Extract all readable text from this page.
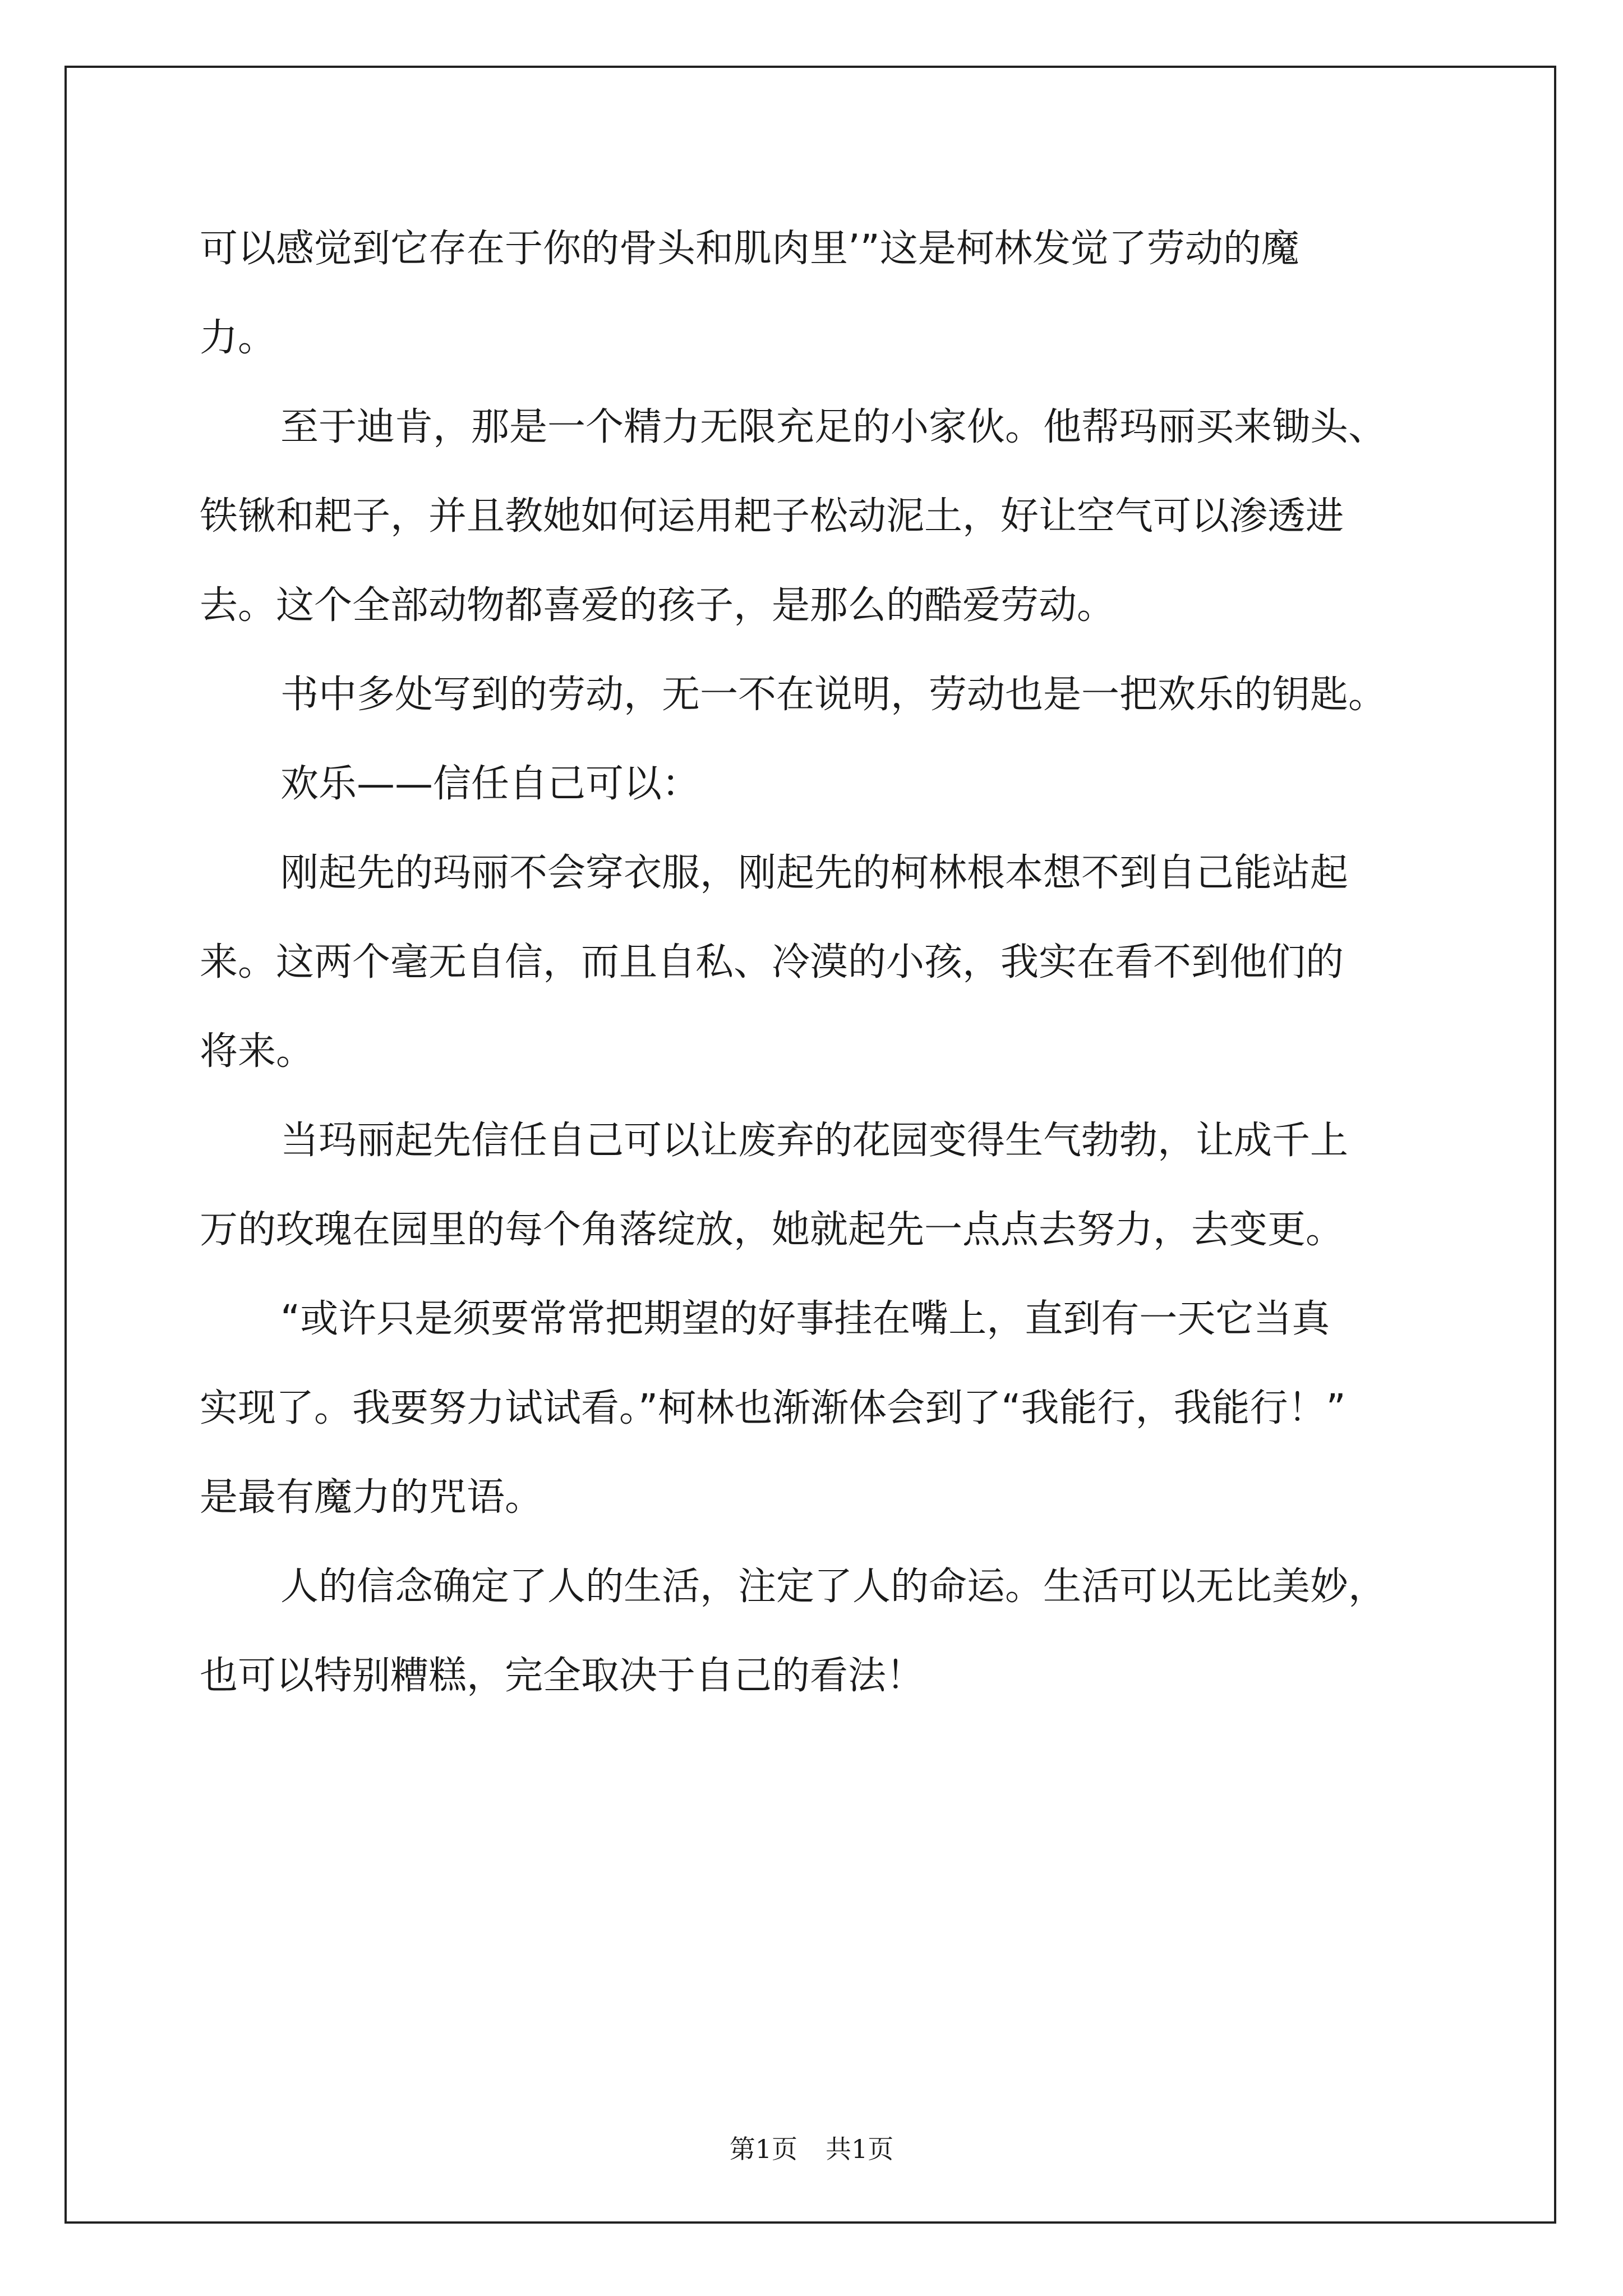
可以感觉到它存在于你的骨头和肌肉里’”这是柯林发觉了劳动的魔
力。
至于迪肯，那是一个精力无限充足的小家伙。他帮玛丽买来锄头、
铁锹和耙子，并且教她如何运用耙子松动泥土，好让空气可以渗透进
去。这个全部动物都喜爱的孩子，是那么的酷爱劳动。
书中多处写到的劳动，无一不在说明，劳动也是一把欢乐的钥匙。
欢乐——信任自己可以：
刚起先的玛丽不会穿衣服，刚起先的柯林根本想不到自己能站起
来。这两个毫无自信，而且自私、冷漠的小孩，我实在看不到他们的
将来。
当玛丽起先信任自己可以让废弃的花园变得生气勃勃，让成千上
万的玫瑰在园里的每个角落绽放，她就起先一点点去努力，去变更。
“或许只是须要常常把期望的好事挂在嘴上，直到有一天它当真
实现了。我要努力试试看。”柯林也渐渐体会到了“我能行，我能行！”
是最有魔力的咒语。
人的信念确定了人的生活，注定了人的命运。生活可以无比美妙，
也可以特别糟糕，完全取决于自己的看法！
第1页 共1页
